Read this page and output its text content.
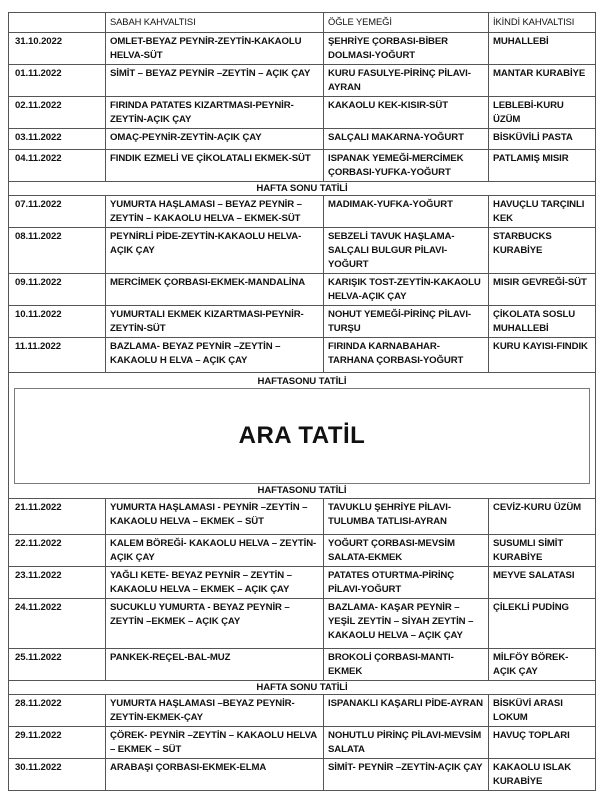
	SABAH KAHVALTISI	ÖĞLE YEMEĞİ	İKİNDİ KAHVALTISI
31.10.2022	OMLET-BEYAZ PEYNİR-ZEYTİN-KAKAOLU HELVA-SÜT	ŞEHRİYE ÇORBASI-BİBER DOLMASI-YOĞURT	MUHALLEBİ
01.11.2022	SİMİT – BEYAZ PEYNİR –ZEYTİN – AÇIK ÇAY	KURU FASULYE-PİRİNÇ PİLAVI-AYRAN	MANTAR KURABİYE
02.11.2022	FIRINDA PATATES KIZARTMASI-PEYNİR-ZEYTİN-AÇIK ÇAY	KAKAOLU KEK-KISIR-SÜT	LEBLEBİ-KURU ÜZÜM
03.11.2022	OMAÇ-PEYNİR-ZEYTİN-AÇIK ÇAY	SALÇALI MAKARNA-YOĞURT	BİSKÜVİLİ PASTA
04.11.2022	FINDIK EZMELİ VE ÇİKOLATALI EKMEK-SÜT	ISPANAK YEMEĞİ-MERCİMEK ÇORBASI-YUFKA-YOĞURT	PATLAMIŞ MISIR
HAFTA SONU TATİLİ			
07.11.2022	YUMURTA HAŞLAMASI – BEYAZ PEYNİR – ZEYTİN – KAKAOLU HELVA – EKMEK-SÜT	MADIMAK-YUFKA-YOĞURT	HAVUÇLU TARÇINLI KEK
08.11.2022	PEYNİRLİ PİDE-ZEYTİN-KAKAOLU HELVA-AÇIK ÇAY	SEBZELİ TAVUK HAŞLAMA-SALÇALI BULGUR PİLAVI-YOĞURT	STARBUCKS KURABİYE
09.11.2022	MERCİMEK ÇORBASI-EKMEK-MANDALİNA	KARIŞIK TOST-ZEYTİN-KAKAOLU HELVA-AÇIK ÇAY	MISIR GEVREĞİ-SÜT
10.11.2022	YUMURTALI EKMEK KIZARTMASI-PEYNİR-ZEYTİN-SÜT	NOHUT YEMEĞİ-PİRİNÇ PİLAVI-TURŞU	ÇİKOLATA SOSLU MUHALLEBİ
11.11.2022	BAZLAMA- BEYAZ PEYNİR –ZEYTİN – KAKAOLU H ELVA – AÇIK ÇAY	FIRINDA KARNABAHAR-TARHANA ÇORBASI-YOĞURT	KURU KAYISI-FINDIK

HAFTASONU TATİLİ
ARA TATİL
HAFTASONU TATİLİ			

21.11.2022	YUMURTA HAŞLAMASI - PEYNİR –ZEYTİN – KAKAOLU HELVA – EKMEK – SÜT	TAVUKLU ŞEHRİYE PİLAVI-TULUMBA TATLISI-AYRAN	CEVİZ-KURU ÜZÜM
22.11.2022	KALEM BÖREĞİ- KAKAOLU HELVA – ZEYTİN-AÇIK ÇAY	YOĞURT ÇORBASI-MEVSİM SALATA-EKMEK	SUSUMLI SİMİT KURABİYE
23.11.2022	YAĞLI KETE- BEYAZ PEYNİR – ZEYTİN – KAKAOLU HELVA – EKMEK – AÇIK ÇAY	PATATES OTURTMA-PİRİNÇ PİLAVI-YOĞURT	MEYVE SALATASI
24.11.2022	SUCUKLU YUMURTA - BEYAZ PEYNİR – ZEYTİN –EKMEK – AÇIK ÇAY	BAZLAMA- KAŞAR PEYNİR – YEŞİL ZEYTİN – SİYAH ZEYTİN – KAKAOLU HELVA – AÇIK ÇAY	ÇİLEKLİ PUDİNG
25.11.2022	PANKEK-REÇEL-BAL-MUZ	BROKOLİ ÇORBASI-MANTI-EKMEK	MİLFÖY BÖREK-AÇIK ÇAY
HAFTA SONU TATİLİ			
28.11.2022	YUMURTA HAŞLAMASI –BEYAZ PEYNİR-ZEYTİN-EKMEK-ÇAY	ISPANAKLI KAŞARLI PİDE-AYRAN	BİSKÜVİ ARASI LOKUM
29.11.2022	ÇÖREK- PEYNİR –ZEYTİN – KAKAOLU HELVA – EKMEK – SÜT	NOHUTLU PİRİNÇ PİLAVI-MEVSİM SALATA	HAVUÇ TOPLARI
30.11.2022	ARABAŞI ÇORBASI-EKMEK-ELMA	SİMİT- PEYNİR –ZEYTİN-AÇIK ÇAY	KAKAOLU ISLAK KURABİYE
